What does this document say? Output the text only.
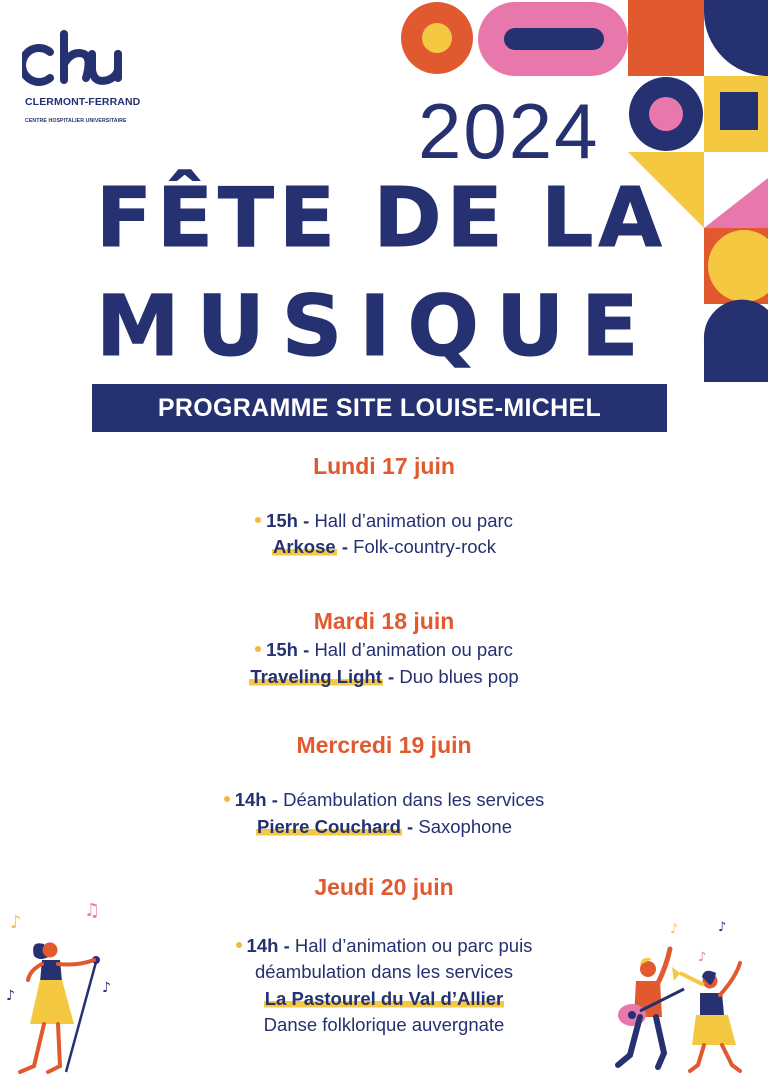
CLERMONT-FERRAND
CENTRE HOSPITALIER UNIVERSITAIRE	2024
FÊTE DE LA
MUSIQUE
PROGRAMME SITE LOUISE-MICHEL
Lundi 17 juin
15h - Hall d’animation ou parc
Arkose - Folk-country-rock
Mardi 18 juin
15h - Hall d’animation ou parc
Traveling Light - Duo blues pop
Mercredi 19 juin
14h - Déambulation dans les services
Pierre Couchard - Saxophone
Jeudi 20 juin
14h - Hall d’animation ou parc puis
déambulation dans les services
La Pastourel du Val d’Allier
Danse folklorique auvergnate
♪
♫
♪	♪
♪	♪
♪
